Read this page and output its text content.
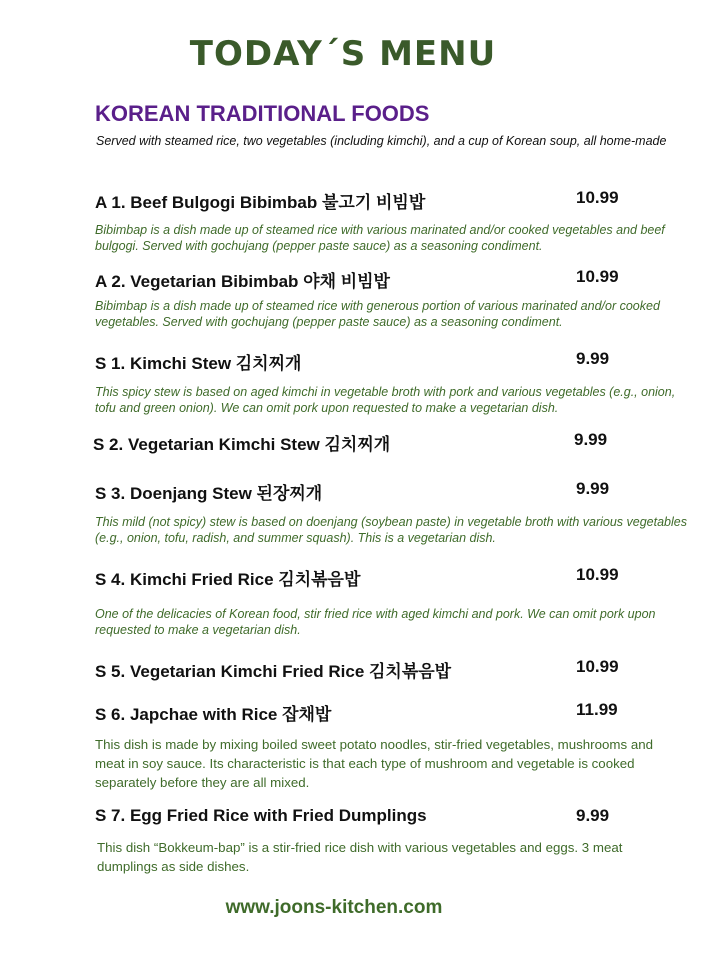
TODAY´S MENU
KOREAN TRADITIONAL FOODS

Served with steamed rice, two vegetables (including kimchi), and a cup of Korean soup, all home-made

A 1. Beef Bulgogi Bibimbab 불고기 비빔밥	10.99

Bibimbap is a dish made up of steamed rice with various marinated and/or cooked vegetables and beef bulgogi. Served with gochujang (pepper paste sauce) as a seasoning condiment.

A 2. Vegetarian Bibimbab 야채 비빔밥	10.99

Bibimbap is a dish made up of steamed rice with generous portion of various marinated and/or cooked vegetables. Served with gochujang (pepper paste sauce) as a seasoning condiment.

S 1. Kimchi Stew 김치찌개	9.99

This spicy stew is based on aged kimchi in vegetable broth with pork and various vegetables (e.g., onion, tofu and green onion). We can omit pork upon requested to make a vegetarian dish.

S 2. Vegetarian Kimchi Stew 김치찌개	9.99
S 3. Doenjang Stew 된장찌개	9.99

This mild (not spicy) stew is based on doenjang (soybean paste) in vegetable broth with various vegetables (e.g., onion, tofu, radish, and summer squash). This is a vegetarian dish.

S 4. Kimchi Fried Rice 김치볶음밥	10.99

One of the delicacies of Korean food, stir fried rice with aged kimchi and pork. We can omit pork upon requested to make a vegetarian dish.

S 5. Vegetarian Kimchi Fried Rice 김치볶음밥	10.99
S 6. Japchae with Rice 잡채밥	11.99

This dish is made by mixing boiled sweet potato noodles, stir-fried vegetables, mushrooms and meat in soy sauce. Its characteristic is that each type of mushroom and vegetable is cooked separately before they are all mixed.

S 7. Egg Fried Rice with Fried Dumplings	9.99

This dish “Bokkeum-bap” is a stir-fried rice dish with various vegetables and eggs. 3 meat dumplings as side dishes.

www.joons-kitchen.com
